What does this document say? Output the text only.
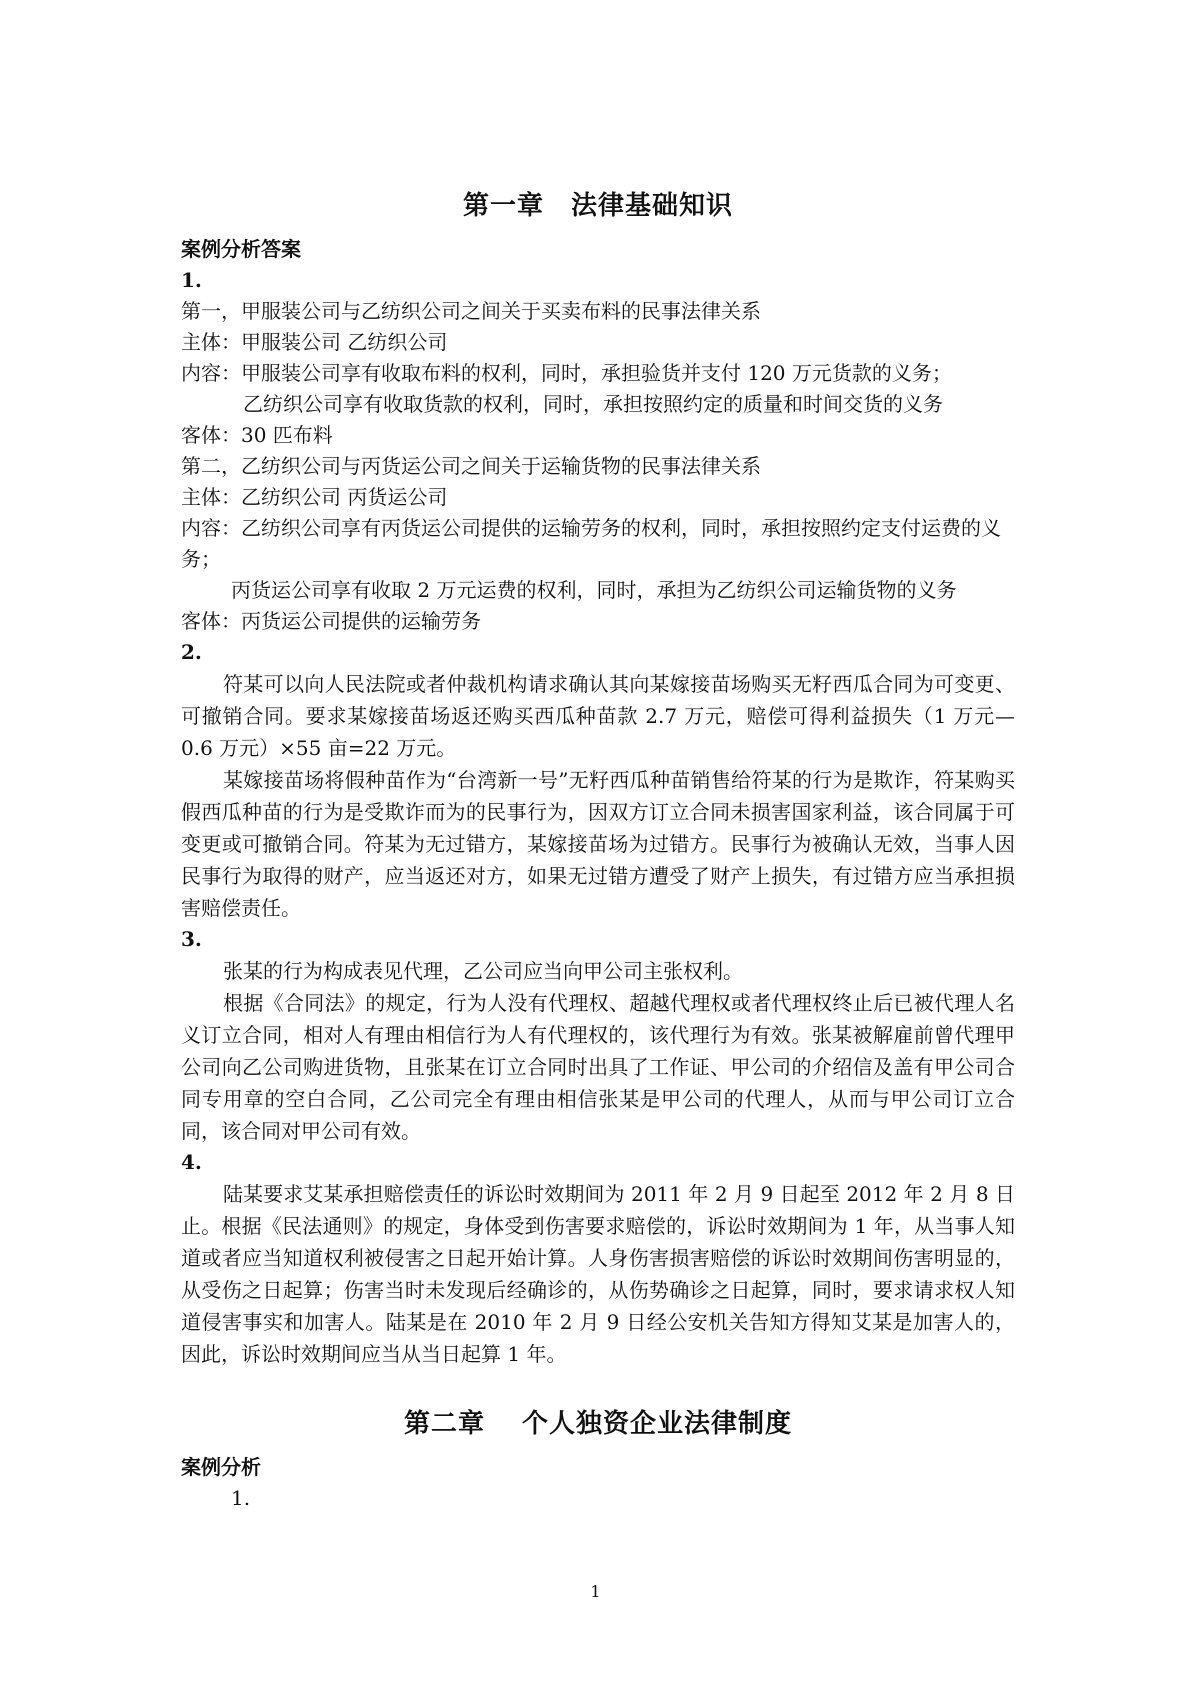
第一章　法律基础知识

案例分析答案

1.

第一，甲服装公司与乙纺织公司之间关于买卖布料的民事法律关系

主体：甲服装公司 乙纺织公司

内容：甲服装公司享有收取布料的权利，同时，承担验货并支付 120 万元货款的义务；

乙纺织公司享有收取货款的权利，同时，承担按照约定的质量和时间交货的义务

客体：30 匹布料

第二，乙纺织公司与丙货运公司之间关于运输货物的民事法律关系

主体：乙纺织公司 丙货运公司

内容：乙纺织公司享有丙货运公司提供的运输劳务的权利，同时，承担按照约定支付运费的义务；

丙货运公司享有收取 2 万元运费的权利，同时，承担为乙纺织公司运输货物的义务

客体：丙货运公司提供的运输劳务

2.

符某可以向人民法院或者仲裁机构请求确认其向某嫁接苗场购买无籽西瓜合同为可变更、可撤销合同。要求某嫁接苗场返还购买西瓜种苗款 2.7 万元，赔偿可得利益损失（1 万元—0.6 万元）×55 亩=22 万元。

某嫁接苗场将假种苗作为“台湾新一号”无籽西瓜种苗销售给符某的行为是欺诈，符某购买假西瓜种苗的行为是受欺诈而为的民事行为，因双方订立合同未损害国家利益，该合同属于可变更或可撤销合同。符某为无过错方，某嫁接苗场为过错方。民事行为被确认无效，当事人因民事行为取得的财产，应当返还对方，如果无过错方遭受了财产上损失，有过错方应当承担损害赔偿责任。

3.

张某的行为构成表见代理，乙公司应当向甲公司主张权利。

根据《合同法》的规定，行为人没有代理权、超越代理权或者代理权终止后已被代理人名义订立合同，相对人有理由相信行为人有代理权的，该代理行为有效。张某被解雇前曾代理甲公司向乙公司购进货物，且张某在订立合同时出具了工作证、甲公司的介绍信及盖有甲公司合同专用章的空白合同，乙公司完全有理由相信张某是甲公司的代理人，从而与甲公司订立合同，该合同对甲公司有效。

4.

陆某要求艾某承担赔偿责任的诉讼时效期间为 2011 年 2 月 9 日起至 2012 年 2 月 8 日止。根据《民法通则》的规定，身体受到伤害要求赔偿的，诉讼时效期间为 1 年，从当事人知道或者应当知道权利被侵害之日起开始计算。人身伤害损害赔偿的诉讼时效期间伤害明显的，从受伤之日起算；伤害当时未发现后经确诊的，从伤势确诊之日起算，同时，要求请求权人知道侵害事实和加害人。陆某是在 2010 年 2 月 9 日经公安机关告知方得知艾某是加害人的，因此，诉讼时效期间应当从当日起算 1 年。

第二章　 个人独资企业法律制度

案例分析

1.

1
